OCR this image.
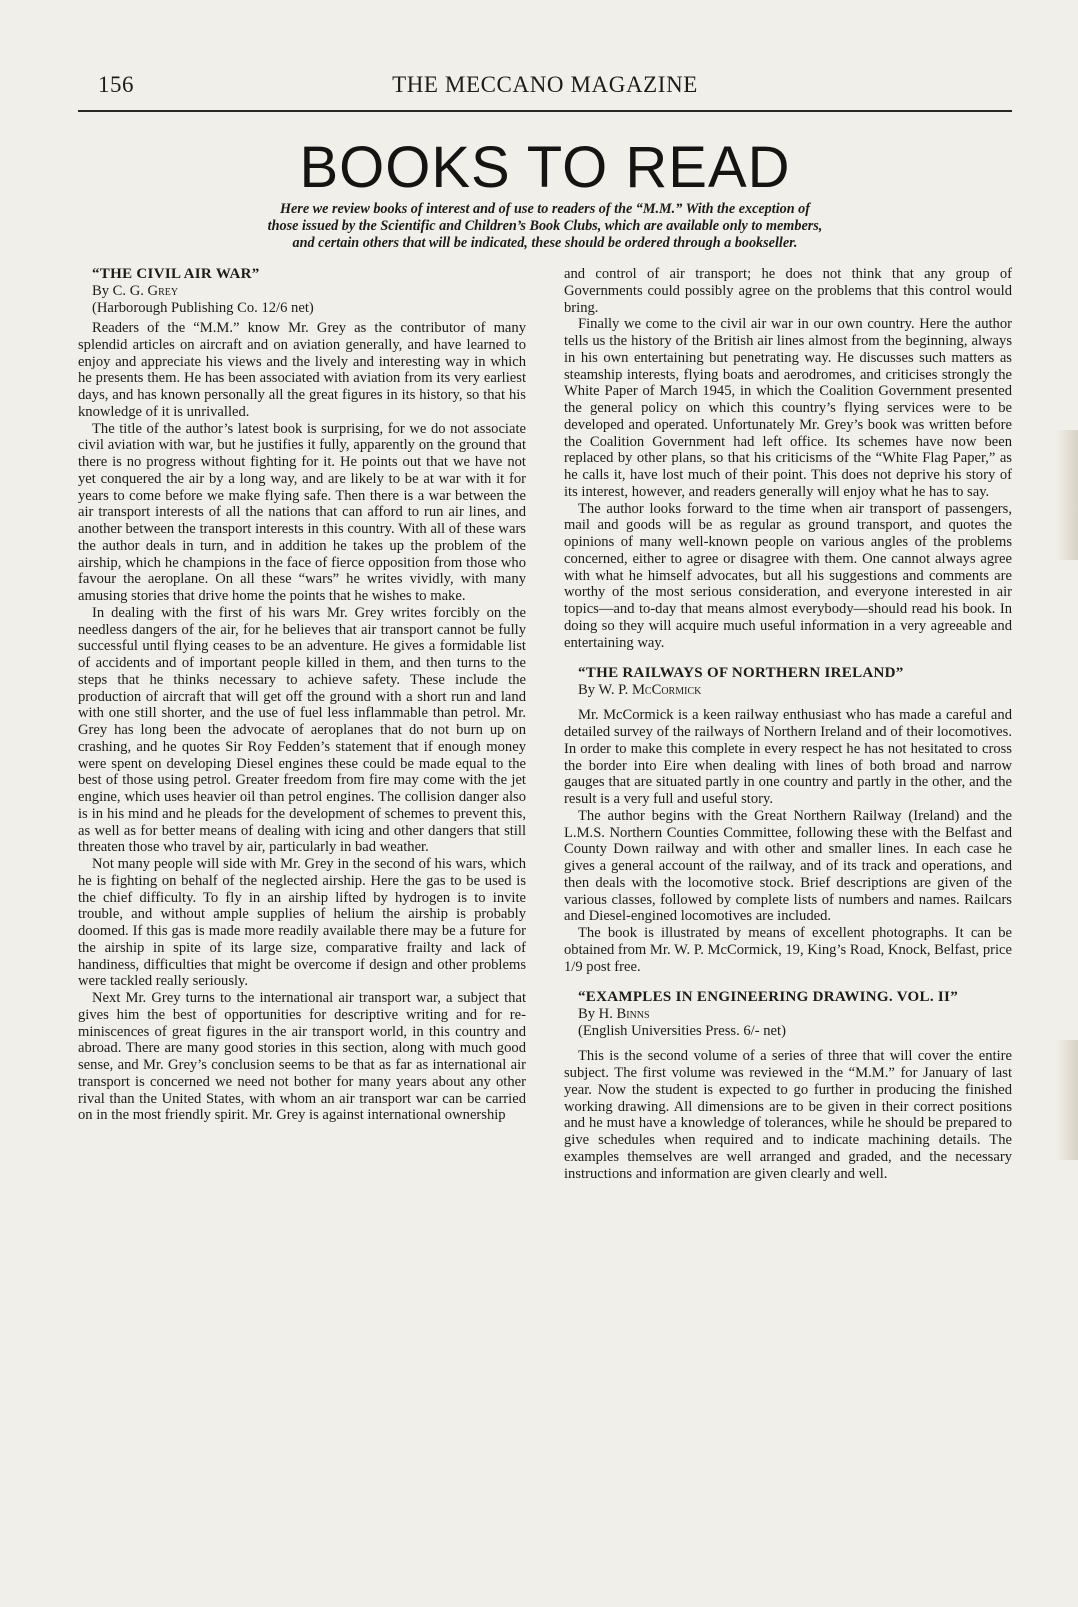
156	THE MECCANO MAGAZINE
BOOKS TO READ

Here we review books of interest and of use to readers of the “M.M.” With the exception of

those issued by the Scientific and Children’s Book Clubs, which are available only to members,

and certain others that will be indicated, these should be ordered through a bookseller.

“THE CIVIL AIR WAR”

By C. G. Grey

(Harborough Publishing Co. 12/6 net)

Readers of the “M.M.” know Mr. Grey as the contributor of many splendid articles on aircraft and on aviation generally, and have learned to enjoy and appreciate his views and the lively and interesting way in which he presents them. He has been associated with aviation from its very earliest days, and has known personally all the great figures in its history, so that his knowledge of it is unrivalled.

The title of the author’s latest book is surprising, for we do not associate civil aviation with war, but he justifies it fully, apparently on the ground that there is no progress without fighting for it. He points out that we have not yet conquered the air by a long way, and are likely to be at war with it for years to come before we make flying safe. Then there is a war between the air transport interests of all the nations that can afford to run air lines, and another between the transport interests in this country. With all of these wars the author deals in turn, and in addition he takes up the problem of the airship, which he champions in the face of fierce opposition from those who favour the aeroplane. On all these “wars” he writes vividly, with many amusing stories that drive home the points that he wishes to make.

In dealing with the first of his wars Mr. Grey writes forcibly on the needless dangers of the air, for he believes that air transport cannot be fully successful until flying ceases to be an adventure. He gives a formidable list of accidents and of important people killed in them, and then turns to the steps that he thinks necessary to achieve safety. These include the production of aircraft that will get off the ground with a short run and land with one still shorter, and the use of fuel less inflammable than petrol. Mr. Grey has long been the advocate of aeroplanes that do not burn up on crashing, and he quotes Sir Roy Fedden’s statement that if enough money were spent on developing Diesel engines these could be made equal to the best of those using petrol. Greater freedom from fire may come with the jet engine, which uses heavier oil than petrol engines. The collision danger also is in his mind and he pleads for the development of schemes to prevent this, as well as for better means of dealing with icing and other dangers that still threaten those who travel by air, particularly in bad weather.

Not many people will side with Mr. Grey in the second of his wars, which he is fighting on behalf of the neglected airship. Here the gas to be used is the chief difficulty. To fly in an airship lifted by hydrogen is to invite trouble, and without ample supplies of helium the airship is probably doomed. If this gas is made more readily available there may be a future for the airship in spite of its large size, comparative frailty and lack of handiness, difficulties that might be overcome if design and other problems were tackled really seriously.

Next Mr. Grey turns to the international air transport war, a subject that gives him the best of opportunities for descriptive writing and for reminiscences of great figures in the air transport world, in this country and abroad. There are many good stories in this section, along with much good sense, and Mr. Grey’s conclusion seems to be that as far as international air transport is concerned we need not bother for many years about any other rival than the United States, with whom an air transport war can be carried on in the most friendly spirit. Mr. Grey is against international ownership

and control of air transport; he does not think that any group of Governments could possibly agree on the problems that this control would bring.

Finally we come to the civil air war in our own country. Here the author tells us the history of the British air lines almost from the beginning, always in his own entertaining but penetrating way. He discusses such matters as steamship interests, flying boats and aerodromes, and criticises strongly the White Paper of March 1945, in which the Coalition Government presented the general policy on which this country’s flying services were to be developed and operated. Unfortunately Mr. Grey’s book was written before the Coalition Government had left office. Its schemes have now been replaced by other plans, so that his criticisms of the “White Flag Paper,” as he calls it, have lost much of their point. This does not deprive his story of its interest, however, and readers generally will enjoy what he has to say.

The author looks forward to the time when air transport of passengers, mail and goods will be as regular as ground transport, and quotes the opinions of many well-known people on various angles of the problems concerned, either to agree or disagree with them. One cannot always agree with what he himself advocates, but all his suggestions and comments are worthy of the most serious consideration, and everyone interested in air topics—and to-day that means almost everybody—should read his book. In doing so they will acquire much useful information in a very agreeable and entertaining way.

“THE RAILWAYS OF NORTHERN IRELAND”

By W. P. McCormick

Mr. McCormick is a keen railway enthusiast who has made a careful and detailed survey of the railways of Northern Ireland and of their locomotives. In order to make this complete in every respect he has not hesitated to cross the border into Eire when dealing with lines of both broad and narrow gauges that are situated partly in one country and partly in the other, and the result is a very full and useful story.

The author begins with the Great Northern Railway (Ireland) and the L.M.S. Northern Counties Committee, following these with the Belfast and County Down railway and with other and smaller lines. In each case he gives a general account of the railway, and of its track and operations, and then deals with the locomotive stock. Brief descriptions are given of the various classes, followed by complete lists of numbers and names. Railcars and Diesel-engined locomotives are included.

The book is illustrated by means of excellent photographs. It can be obtained from Mr. W. P. McCormick, 19, King’s Road, Knock, Belfast, price 1/9 post free.

“EXAMPLES IN ENGINEERING DRAWING. VOL. II”

By H. Binns

(English Universities Press. 6/- net)

This is the second volume of a series of three that will cover the entire subject. The first volume was reviewed in the “M.M.” for January of last year. Now the student is expected to go further in producing the finished working drawing. All dimensions are to be given in their correct positions and he must have a knowledge of tolerances, while he should be prepared to give schedules when required and to indicate machining details. The examples themselves are well arranged and graded, and the necessary instructions and information are given clearly and well.
